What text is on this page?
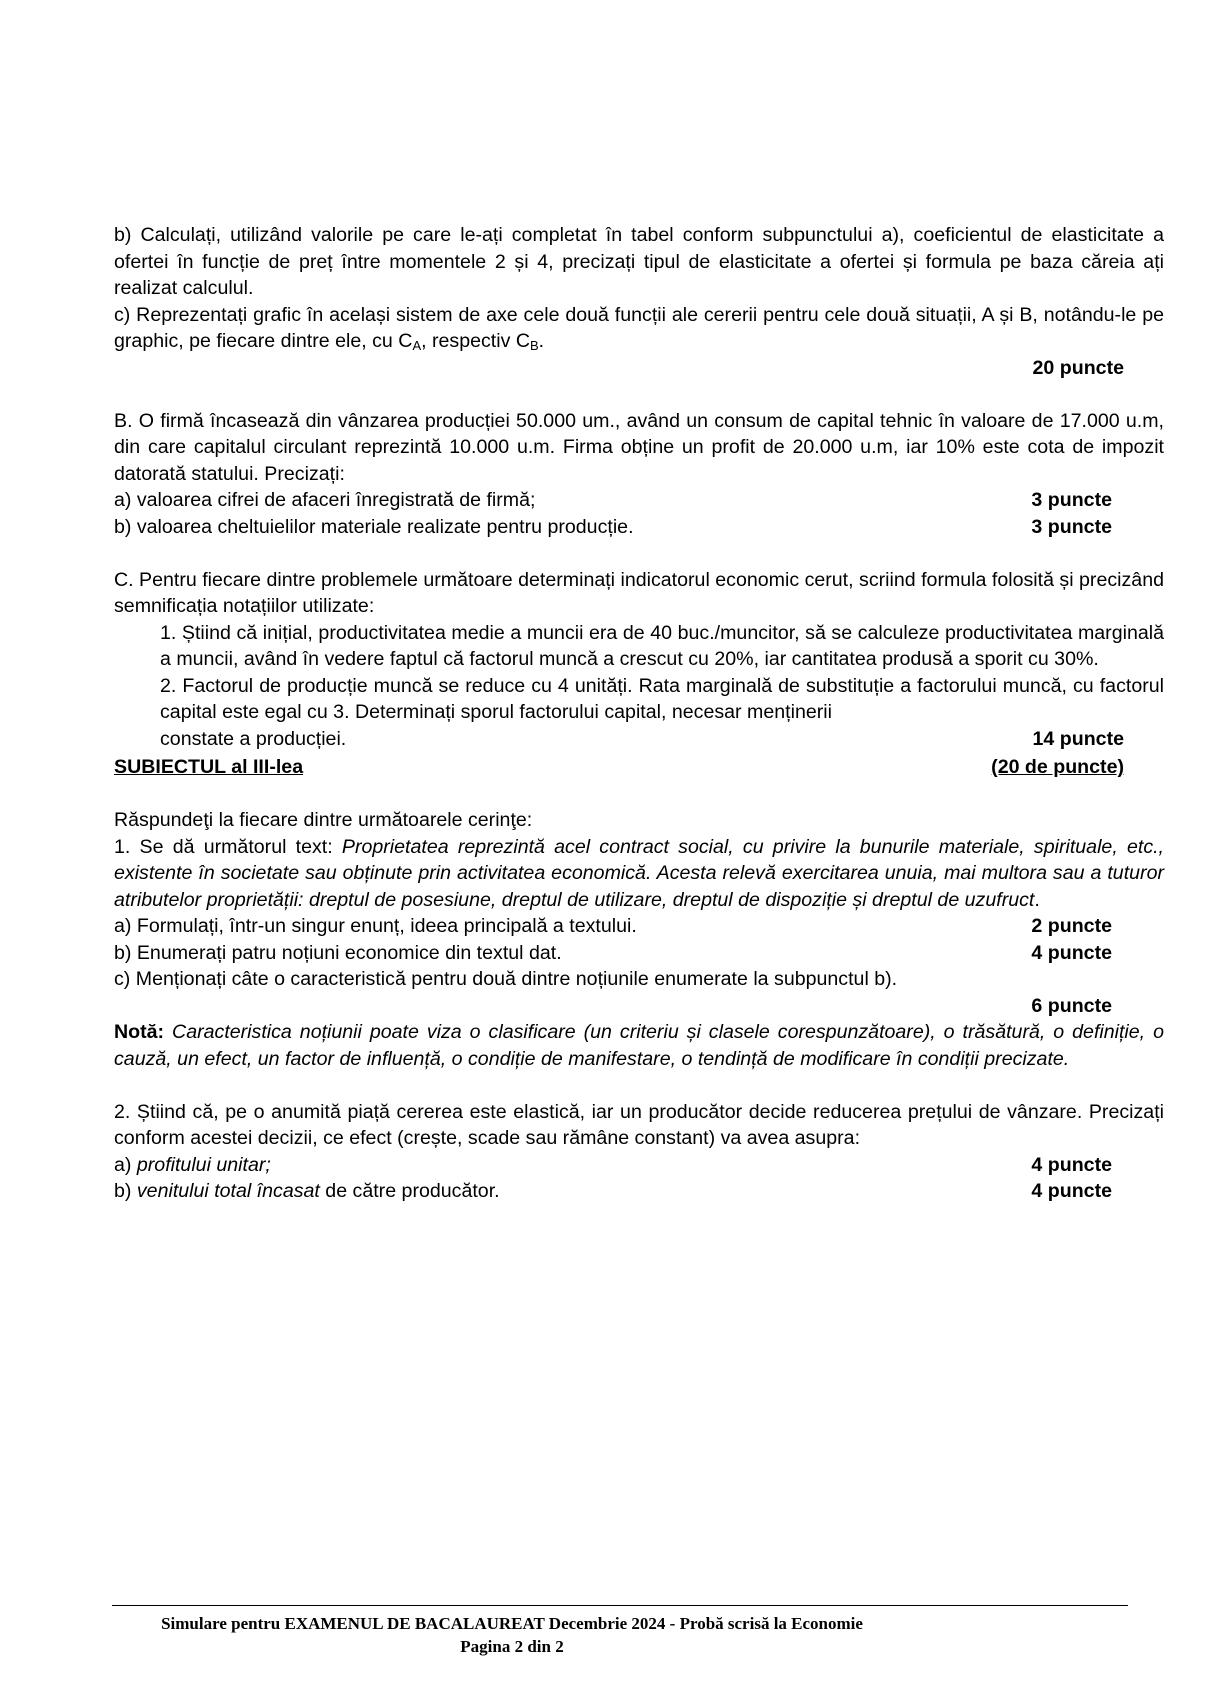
b) Calculați, utilizând valorile pe care le-ați completat în tabel conform subpunctului a), coeficientul de elasticitate a ofertei în funcție de preț între momentele 2 și 4, precizați tipul de elasticitate a ofertei și formula pe baza căreia ați realizat calculul.

c) Reprezentați grafic în același sistem de axe cele două funcții ale cererii pentru cele două situații, A și B, notându-le pe graphic, pe fiecare dintre ele, cu $C_A$, respectiv $C_B$.

20 puncte

B. O firmă încasează din vânzarea producției 50.000 um., având un consum de capital tehnic în valoare de 17.000 u.m, din care capitalul circulant reprezintă 10.000 u.m. Firma obține un profit de 20.000 u.m, iar 10% este cota de impozit datorată statului. Precizați:

a) valoarea cifrei de afaceri înregistrată de firmă;	3 puncte
b) valoarea cheltuielilor materiale realizate pentru producție.	3 puncte

C. Pentru fiecare dintre problemele următoare determinați indicatorul economic cerut, scriind formula folosită și precizând semnificația notațiilor utilizate:

1. Știind că inițial, productivitatea medie a muncii era de 40 buc./muncitor, să se calculeze productivitatea marginală a muncii, având în vedere faptul că factorul muncă a crescut cu 20%, iar cantitatea produsă a sporit cu 30%.

2. Factorul de producție muncă se reduce cu 4 unități. Rata marginală de substituție a factorului muncă, cu factorul capital este egal cu 3. Determinați sporul factorului capital, necesar menținerii

constate a producției.	14 puncte
SUBIECTUL al III-lea	(20 de puncte)

Răspundeţi la fiecare dintre următoarele cerinţe:

1. Se dă următorul text: Proprietatea reprezintă acel contract social, cu privire la bunurile materiale, spirituale, etc., existente în societate sau obținute prin activitatea economică. Acesta relevă exercitarea unuia, mai multora sau a tuturor atributelor proprietății: dreptul de posesiune, dreptul de utilizare, dreptul de dispoziție și dreptul de uzufruct.

a) Formulați, într-un singur enunț, ideea principală a textului.	2 puncte
b) Enumerați patru noțiuni economice din textul dat.	4 puncte

c) Menționați câte o caracteristică pentru două dintre noțiunile enumerate la subpunctul b).

6 puncte

Notă: Caracteristica noțiunii poate viza o clasificare (un criteriu și clasele corespunzătoare), o trăsătură, o definiție, o cauză, un efect, un factor de influență, o condiție de manifestare, o tendință de modificare în condiții precizate.

2. Știind că, pe o anumită piață cererea este elastică, iar un producător decide reducerea prețului de vânzare. Precizați conform acestei decizii, ce efect (crește, scade sau rămâne constant) va avea asupra:

a) profitului unitar;	4 puncte
b) venitului total încasat de către producător.	4 puncte
Simulare pentru EXAMENUL DE BACALAUREAT Decembrie 2024 - Probă scrisă la Economie
Pagina 2 din 2
